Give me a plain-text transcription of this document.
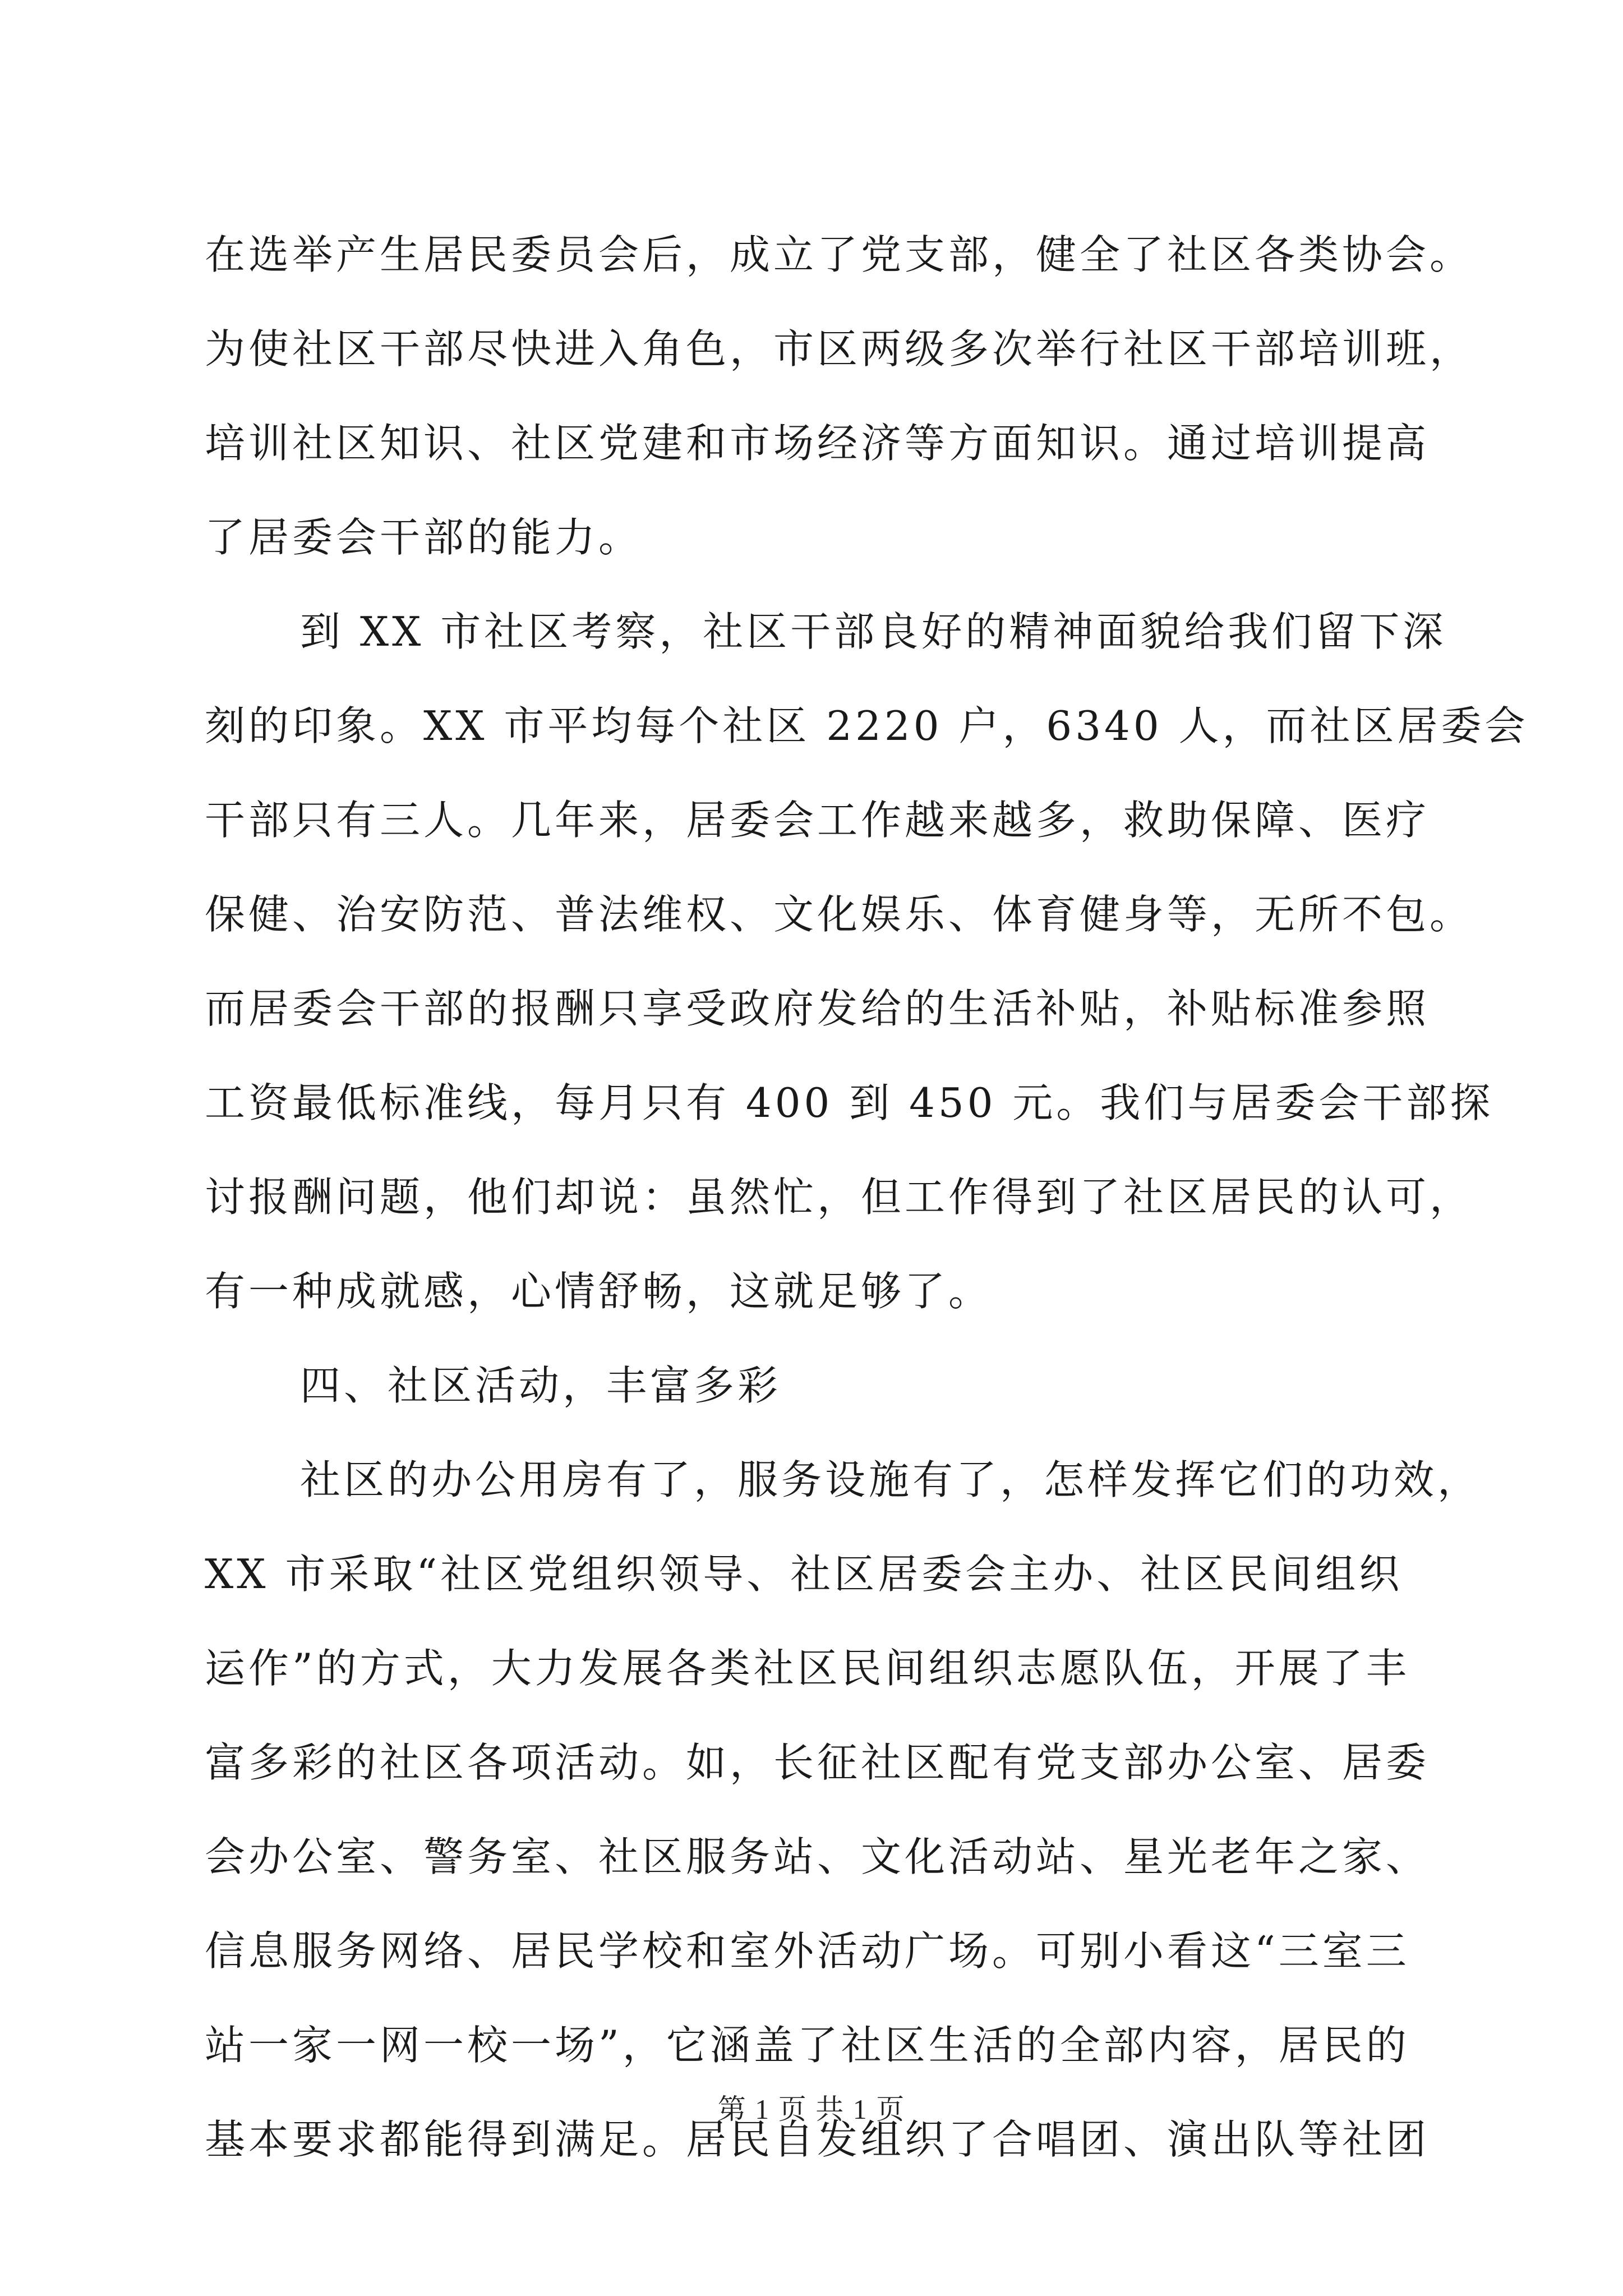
在选举产生居民委员会后，成立了党支部，健全了社区各类协会。
为使社区干部尽快进入角色，市区两级多次举行社区干部培训班，
培训社区知识、社区党建和市场经济等方面知识。通过培训提高
了居委会干部的能力。
到 XX 市社区考察，社区干部良好的精神面貌给我们留下深
刻的印象。XX 市平均每个社区 2220 户，6340 人，而社区居委会
干部只有三人。几年来，居委会工作越来越多，救助保障、医疗
保健、治安防范、普法维权、文化娱乐、体育健身等，无所不包。
而居委会干部的报酬只享受政府发给的生活补贴，补贴标准参照
工资最低标准线，每月只有 400 到 450 元。我们与居委会干部探
讨报酬问题，他们却说：虽然忙，但工作得到了社区居民的认可，
有一种成就感，心情舒畅，这就足够了。
四、社区活动，丰富多彩
社区的办公用房有了，服务设施有了，怎样发挥它们的功效，
XX 市采取“社区党组织领导、社区居委会主办、社区民间组织
运作”的方式，大力发展各类社区民间组织志愿队伍，开展了丰
富多彩的社区各项活动。如，长征社区配有党支部办公室、居委
会办公室、警务室、社区服务站、文化活动站、星光老年之家、
信息服务网络、居民学校和室外活动广场。可别小看这“三室三
站一家一网一校一场”，它涵盖了社区生活的全部内容，居民的
基本要求都能得到满足。居民自发组织了合唱团、演出队等社团
第 1 页 共 1 页
